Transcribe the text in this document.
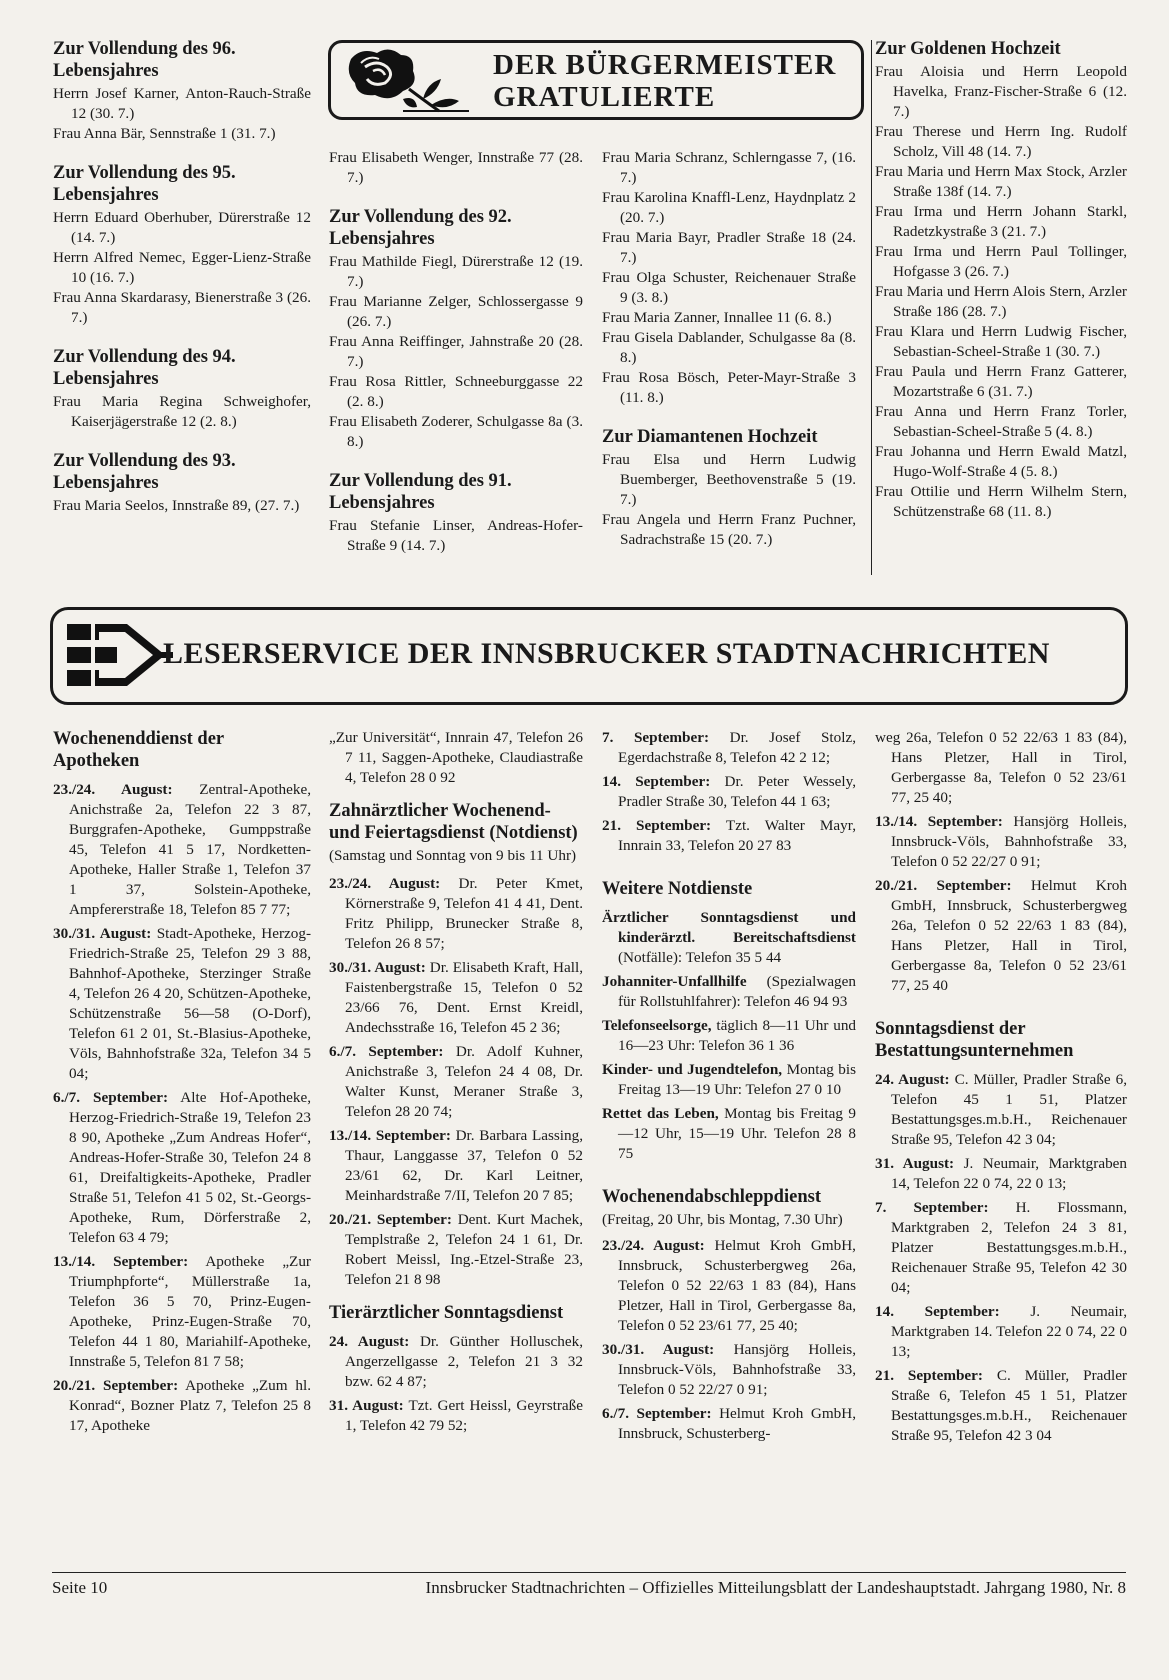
DER BÜRGERMEISTER
GRATULIERTE
Zur Vollendung des 96. Lebensjahres

Herrn Josef Karner, Anton-Rauch-Straße 12 (30. 7.)

Frau Anna Bär, Sennstraße 1 (31. 7.)

Zur Vollendung des 95. Lebensjahres

Herrn Eduard Oberhuber, Dürerstraße 12 (14. 7.)

Herrn Alfred Nemec, Egger-Lienz-Straße 10 (16. 7.)

Frau Anna Skardarasy, Bienerstraße 3 (26. 7.)

Zur Vollendung des 94. Lebensjahres

Frau Maria Regina Schweighofer, Kaiserjägerstraße 12 (2. 8.)

Zur Vollendung des 93. Lebensjahres

Frau Maria Seelos, Innstraße 89, (27. 7.)

Frau Elisabeth Wenger, Innstraße 77 (28. 7.)

Zur Vollendung des 92. Lebensjahres

Frau Mathilde Fiegl, Dürerstraße 12 (19. 7.)

Frau Marianne Zelger, Schlossergasse 9 (26. 7.)

Frau Anna Reiffinger, Jahnstraße 20 (28. 7.)

Frau Rosa Rittler, Schneeburggasse 22 (2. 8.)

Frau Elisabeth Zoderer, Schulgasse 8a (3. 8.)

Zur Vollendung des 91. Lebensjahres

Frau Stefanie Linser, Andreas-Hofer-Straße 9 (14. 7.)

Frau Maria Schranz, Schlerngasse 7, (16. 7.)

Frau Karolina Knaffl-Lenz, Haydnplatz 2 (20. 7.)

Frau Maria Bayr, Pradler Straße 18 (24. 7.)

Frau Olga Schuster, Reichenauer Straße 9 (3. 8.)

Frau Maria Zanner, Innallee 11 (6. 8.)

Frau Gisela Dablander, Schulgasse 8a (8. 8.)

Frau Rosa Bösch, Peter-Mayr-Straße 3 (11. 8.)

Zur Diamantenen Hochzeit

Frau Elsa und Herrn Ludwig Buemberger, Beethovenstraße 5 (19. 7.)

Frau Angela und Herrn Franz Puchner, Sadrachstraße 15 (20. 7.)

Zur Goldenen Hochzeit

Frau Aloisia und Herrn Leopold Havelka, Franz-Fischer-Straße 6 (12. 7.)

Frau Therese und Herrn Ing. Rudolf Scholz, Vill 48 (14. 7.)

Frau Maria und Herrn Max Stock, Arzler Straße 138f (14. 7.)

Frau Irma und Herrn Johann Starkl, Radetzkystraße 3 (21. 7.)

Frau Irma und Herrn Paul Tollinger, Hofgasse 3 (26. 7.)

Frau Maria und Herrn Alois Stern, Arzler Straße 186 (28. 7.)

Frau Klara und Herrn Ludwig Fischer, Sebastian-Scheel-Straße 1 (30. 7.)

Frau Paula und Herrn Franz Gatterer, Mozartstraße 6 (31. 7.)

Frau Anna und Herrn Franz Torler, Sebastian-Scheel-Straße 5 (4. 8.)

Frau Johanna und Herrn Ewald Matzl, Hugo-Wolf-Straße 4 (5. 8.)

Frau Ottilie und Herrn Wilhelm Stern, Schützenstraße 68 (11. 8.)

LESERSERVICE DER INNSBRUCKER STADTNACHRICHTEN
Wochenenddienst der Apotheken

23./24. August: Zentral-Apotheke, Anichstraße 2a, Telefon 22 3 87, Burggrafen-Apotheke, Gumppstraße 45, Telefon 41 5 17, Nordketten-Apotheke, Haller Straße 1, Telefon 37 1 37, Solstein-Apotheke, Ampfererstraße 18, Telefon 85 7 77;

30./31. August: Stadt-Apotheke, Herzog-Friedrich-Straße 25, Telefon 29 3 88, Bahnhof-Apotheke, Sterzinger Straße 4, Telefon 26 4 20, Schützen-Apotheke, Schützenstraße 56—58 (O-Dorf), Telefon 61 2 01, St.-Blasius-Apotheke, Völs, Bahnhofstraße 32a, Telefon 34 5 04;

6./7. September: Alte Hof-Apotheke, Herzog-Friedrich-Straße 19, Telefon 23 8 90, Apotheke „Zum Andreas Hofer“, Andreas-Hofer-Straße 30, Telefon 24 8 61, Dreifaltigkeits-Apotheke, Pradler Straße 51, Telefon 41 5 02, St.-Georgs-Apotheke, Rum, Dörferstraße 2, Telefon 63 4 79;

13./14. September: Apotheke „Zur Triumphpforte“, Müllerstraße 1a, Telefon 36 5 70, Prinz-Eugen-Apotheke, Prinz-Eugen-Straße 70, Telefon 44 1 80, Mariahilf-Apotheke, Innstraße 5, Telefon 81 7 58;

20./21. September: Apotheke „Zum hl. Konrad“, Bozner Platz 7, Telefon 25 8 17, Apotheke

„Zur Universität“, Innrain 47, Telefon 26 7 11, Saggen-Apotheke, Claudiastraße 4, Telefon 28 0 92

Zahnärztlicher Wochenend- und Feiertagsdienst (Notdienst)

(Samstag und Sonntag von 9 bis 11 Uhr)

23./24. August: Dr. Peter Kmet, Körnerstraße 9, Telefon 41 4 41, Dent. Fritz Philipp, Brunecker Straße 8, Telefon 26 8 57;

30./31. August: Dr. Elisabeth Kraft, Hall, Faistenbergstraße 15, Telefon 0 52 23/66 76, Dent. Ernst Kreidl, Andechsstraße 16, Telefon 45 2 36;

6./7. September: Dr. Adolf Kuhner, Anichstraße 3, Telefon 24 4 08, Dr. Walter Kunst, Meraner Straße 3, Telefon 28 20 74;

13./14. September: Dr. Barbara Lassing, Thaur, Langgasse 37, Telefon 0 52 23/61 62, Dr. Karl Leitner, Meinhardstraße 7/II, Telefon 20 7 85;

20./21. September: Dent. Kurt Machek, Templstraße 2, Telefon 24 1 61, Dr. Robert Meissl, Ing.-Etzel-Straße 23, Telefon 21 8 98

Tierärztlicher Sonntagsdienst

24. August: Dr. Günther Holluschek, Angerzellgasse 2, Telefon 21 3 32 bzw. 62 4 87;

31. August: Tzt. Gert Heissl, Geyrstraße 1, Telefon 42 79 52;

7. September: Dr. Josef Stolz, Egerdachstraße 8, Telefon 42 2 12;

14. September: Dr. Peter Wessely, Pradler Straße 30, Telefon 44 1 63;

21. September: Tzt. Walter Mayr, Innrain 33, Telefon 20 27 83

Weitere Notdienste

Ärztlicher Sonntagsdienst und kinderärztl. Bereitschaftsdienst (Notfälle): Telefon 35 5 44

Johanniter-Unfallhilfe (Spezialwagen für Rollstuhlfahrer): Telefon 46 94 93

Telefonseelsorge, täglich 8—11 Uhr und 16—23 Uhr: Telefon 36 1 36

Kinder- und Jugendtelefon, Montag bis Freitag 13—19 Uhr: Telefon 27 0 10

Rettet das Leben, Montag bis Freitag 9—12 Uhr, 15—19 Uhr. Telefon 28 8 75

Wochenendabschleppdienst

(Freitag, 20 Uhr, bis Montag, 7.30 Uhr)

23./24. August: Helmut Kroh GmbH, Innsbruck, Schusterbergweg 26a, Telefon 0 52 22/63 1 83 (84), Hans Pletzer, Hall in Tirol, Gerbergasse 8a, Telefon 0 52 23/61 77, 25 40;

30./31. August: Hansjörg Holleis, Innsbruck-Völs, Bahnhofstraße 33, Telefon 0 52 22/27 0 91;

6./7. September: Helmut Kroh GmbH, Innsbruck, Schusterberg-

weg 26a, Telefon 0 52 22/63 1 83 (84), Hans Pletzer, Hall in Tirol, Gerbergasse 8a, Telefon 0 52 23/61 77, 25 40;

13./14. September: Hansjörg Holleis, Innsbruck-Völs, Bahnhofstraße 33, Telefon 0 52 22/27 0 91;

20./21. September: Helmut Kroh GmbH, Innsbruck, Schusterbergweg 26a, Telefon 0 52 22/63 1 83 (84), Hans Pletzer, Hall in Tirol, Gerbergasse 8a, Telefon 0 52 23/61 77, 25 40

Sonntagsdienst der Bestattungsunternehmen

24. August: C. Müller, Pradler Straße 6, Telefon 45 1 51, Platzer Bestattungsges.m.b.H., Reichenauer Straße 95, Telefon 42 3 04;

31. August: J. Neumair, Marktgraben 14, Telefon 22 0 74, 22 0 13;

7. September: H. Flossmann, Marktgraben 2, Telefon 24 3 81, Platzer Bestattungsges.m.b.H., Reichenauer Straße 95, Telefon 42 30 04;

14. September: J. Neumair, Marktgraben 14. Telefon 22 0 74, 22 0 13;

21. September: C. Müller, Pradler Straße 6, Telefon 45 1 51, Platzer Bestattungsges.m.b.H., Reichenauer Straße 95, Telefon 42 3 04

Seite 10	Innsbrucker Stadtnachrichten – Offizielles Mitteilungsblatt der Landeshauptstadt. Jahrgang 1980, Nr. 8
